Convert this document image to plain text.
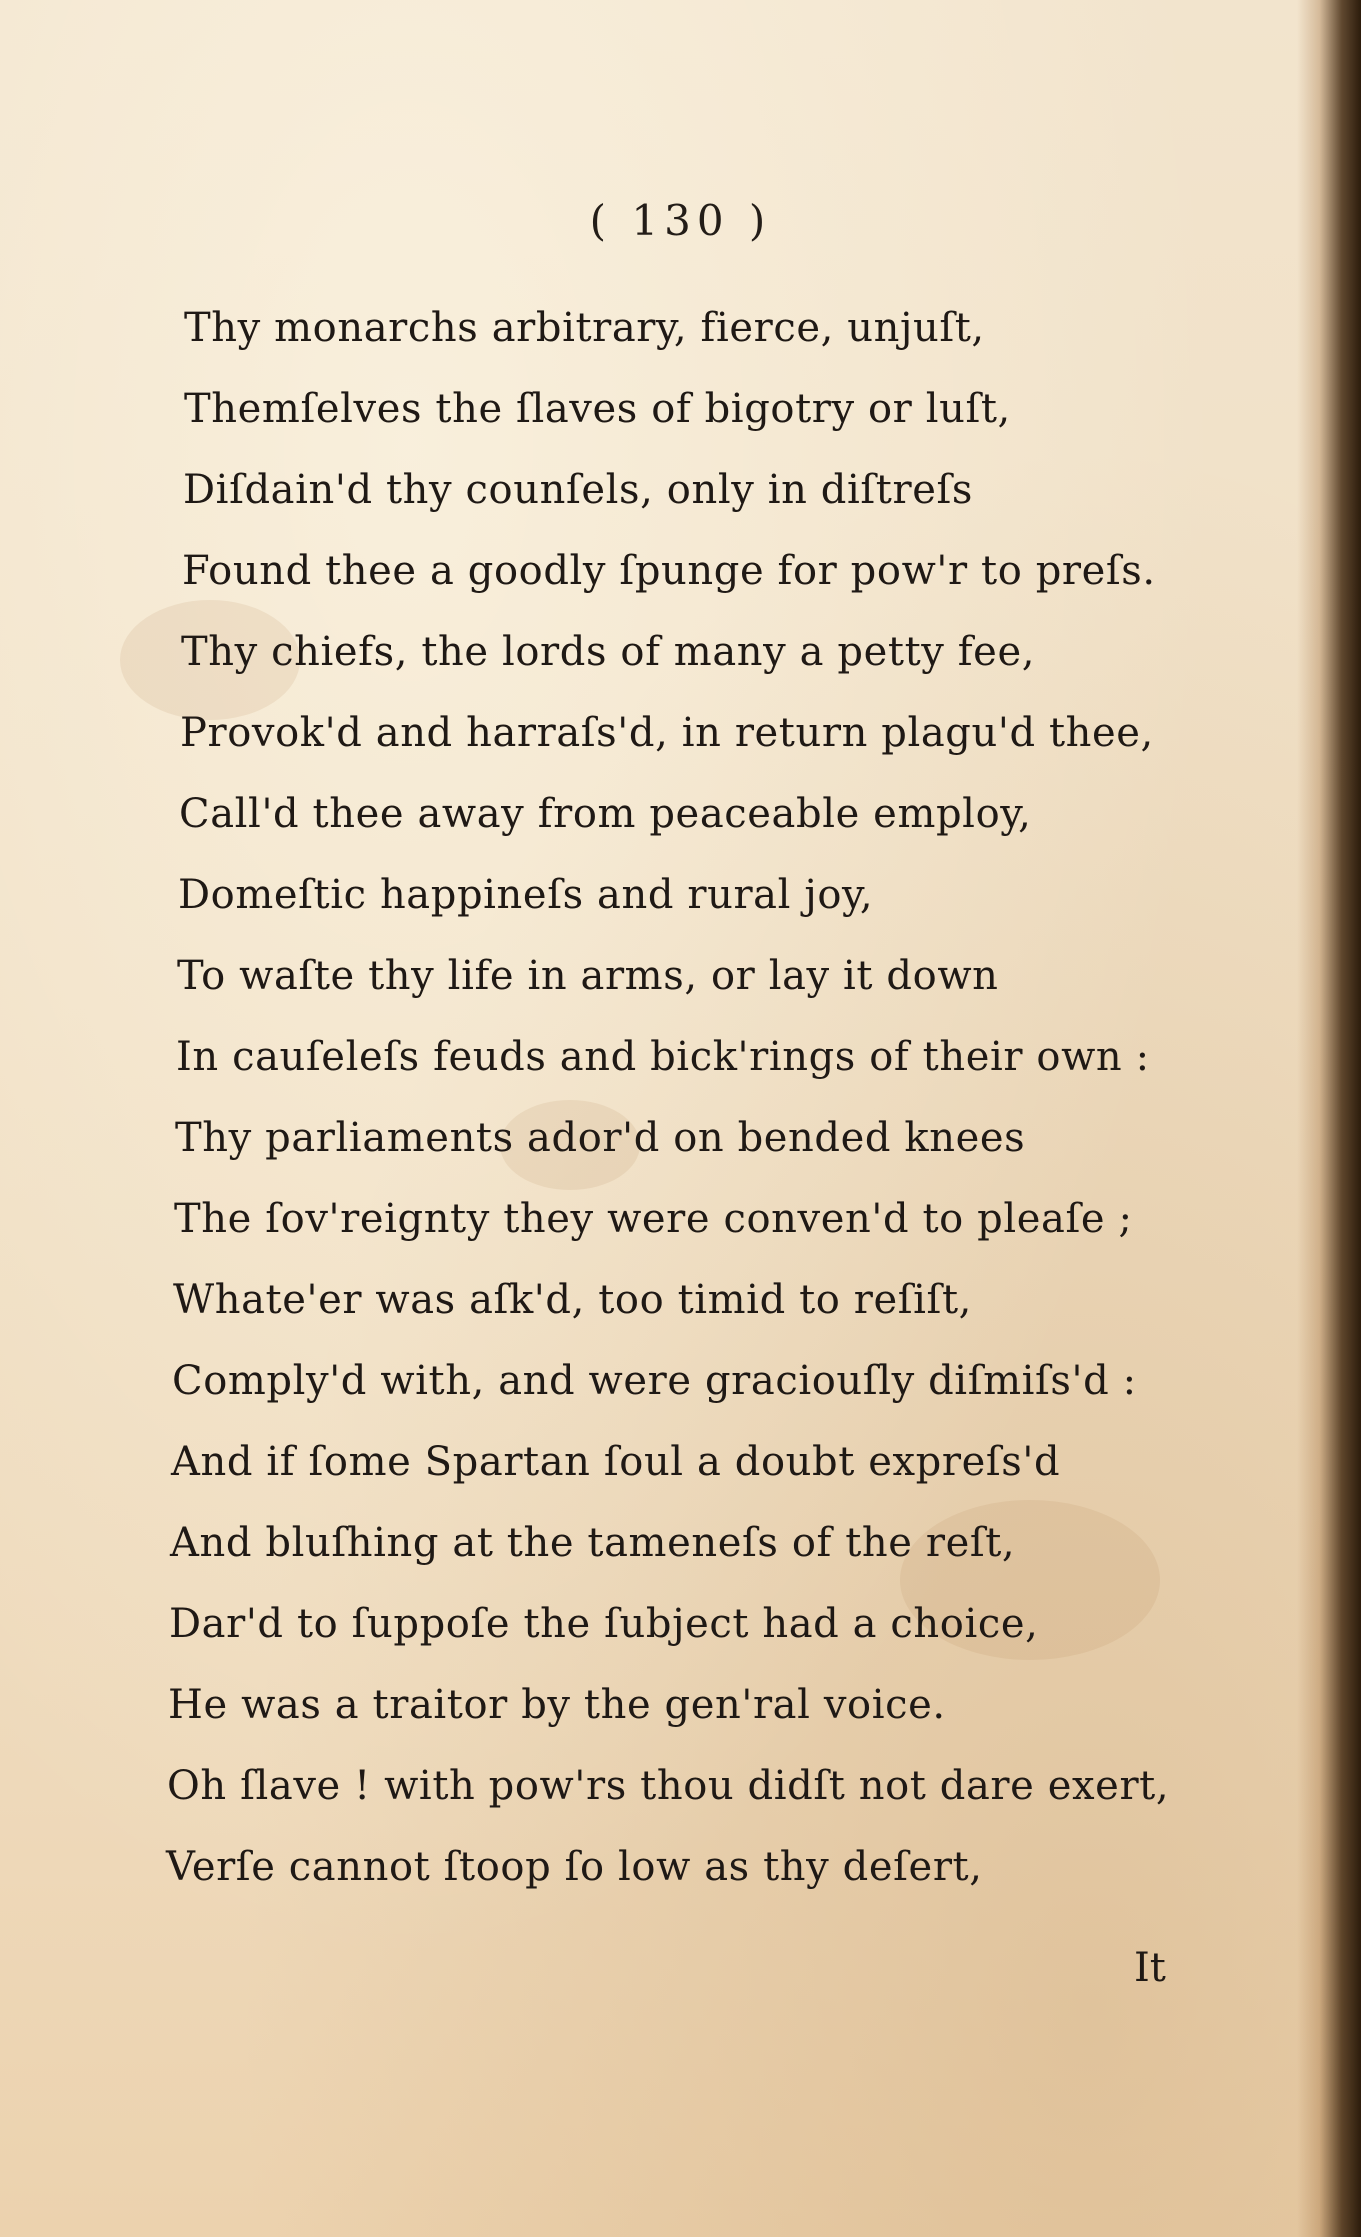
( 130 )
Thy monarchs arbitrary, fierce, unjuſt,
Themſelves the ſlaves of bigotry or luſt,
Diſdain'd thy counſels, only in diſtreſs
Found thee a goodly ſpunge for pow'r to preſs.
Thy chiefs, the lords of many a petty fee,
Provok'd and harraſs'd, in return plagu'd thee,
Call'd thee away from peaceable employ,
Domeſtic happineſs and rural joy,
To waſte thy life in arms, or lay it down
In cauſeleſs feuds and bick'rings of their own :
Thy parliaments ador'd on bended knees
The ſov'reignty they were conven'd to pleaſe ;
Whate'er was aſk'd, too timid to reſiſt,
Comply'd with, and were graciouſly diſmiſs'd :
And if ſome Spartan ſoul a doubt expreſs'd
And bluſhing at the tameneſs of the reſt,
Dar'd to ſuppoſe the ſubject had a choice,
He was a traitor by the gen'ral voice.
Oh ſlave ! with pow'rs thou didſt not dare exert,
Verſe cannot ſtoop ſo low as thy deſert,
It
